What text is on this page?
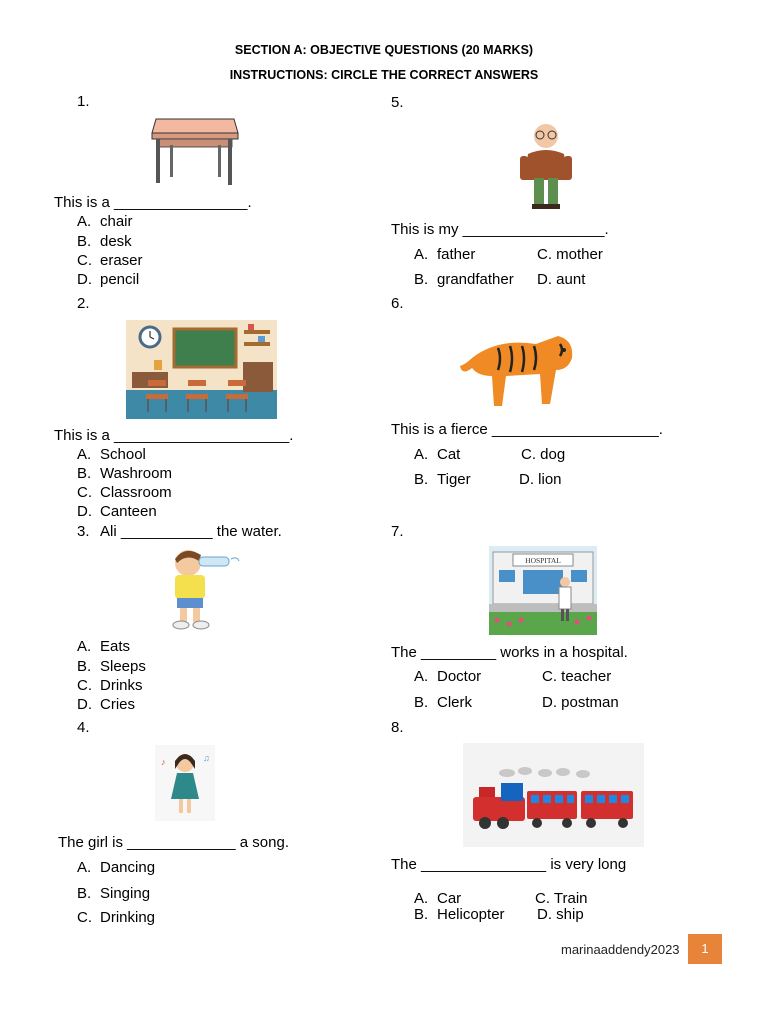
SECTION A: OBJECTIVE QUESTIONS (20 MARKS)
INSTRUCTIONS: CIRCLE THE CORRECT ANSWERS
1.
This is a ________________.
A. chair
B. desk
C. eraser
D. pencil
2.
This is a _____________________.
A. School
B. Washroom
C. Classroom
D. Canteen
3. Ali ___________ the water.
A. Eats
B. Sleeps
C. Drinks
D. Cries
4.
♪	♫
The girl is _____________ a song.
A. Dancing
B. Singing
C. Drinking
5.
This is my _________________.
A. father	C. mother
B. grandfather D. aunt
6.
This is a fierce ____________________.
A. Cat	C. dog
B. Tiger	D. lion
7.
HOSPITAL
The _________ works in a hospital.
A. Doctor	C. teacher
B. Clerk	D. postman
8.
The _______________ is very long
A. Car	C. Train
B. Helicopter D. ship
marinaaddendy2023	1
